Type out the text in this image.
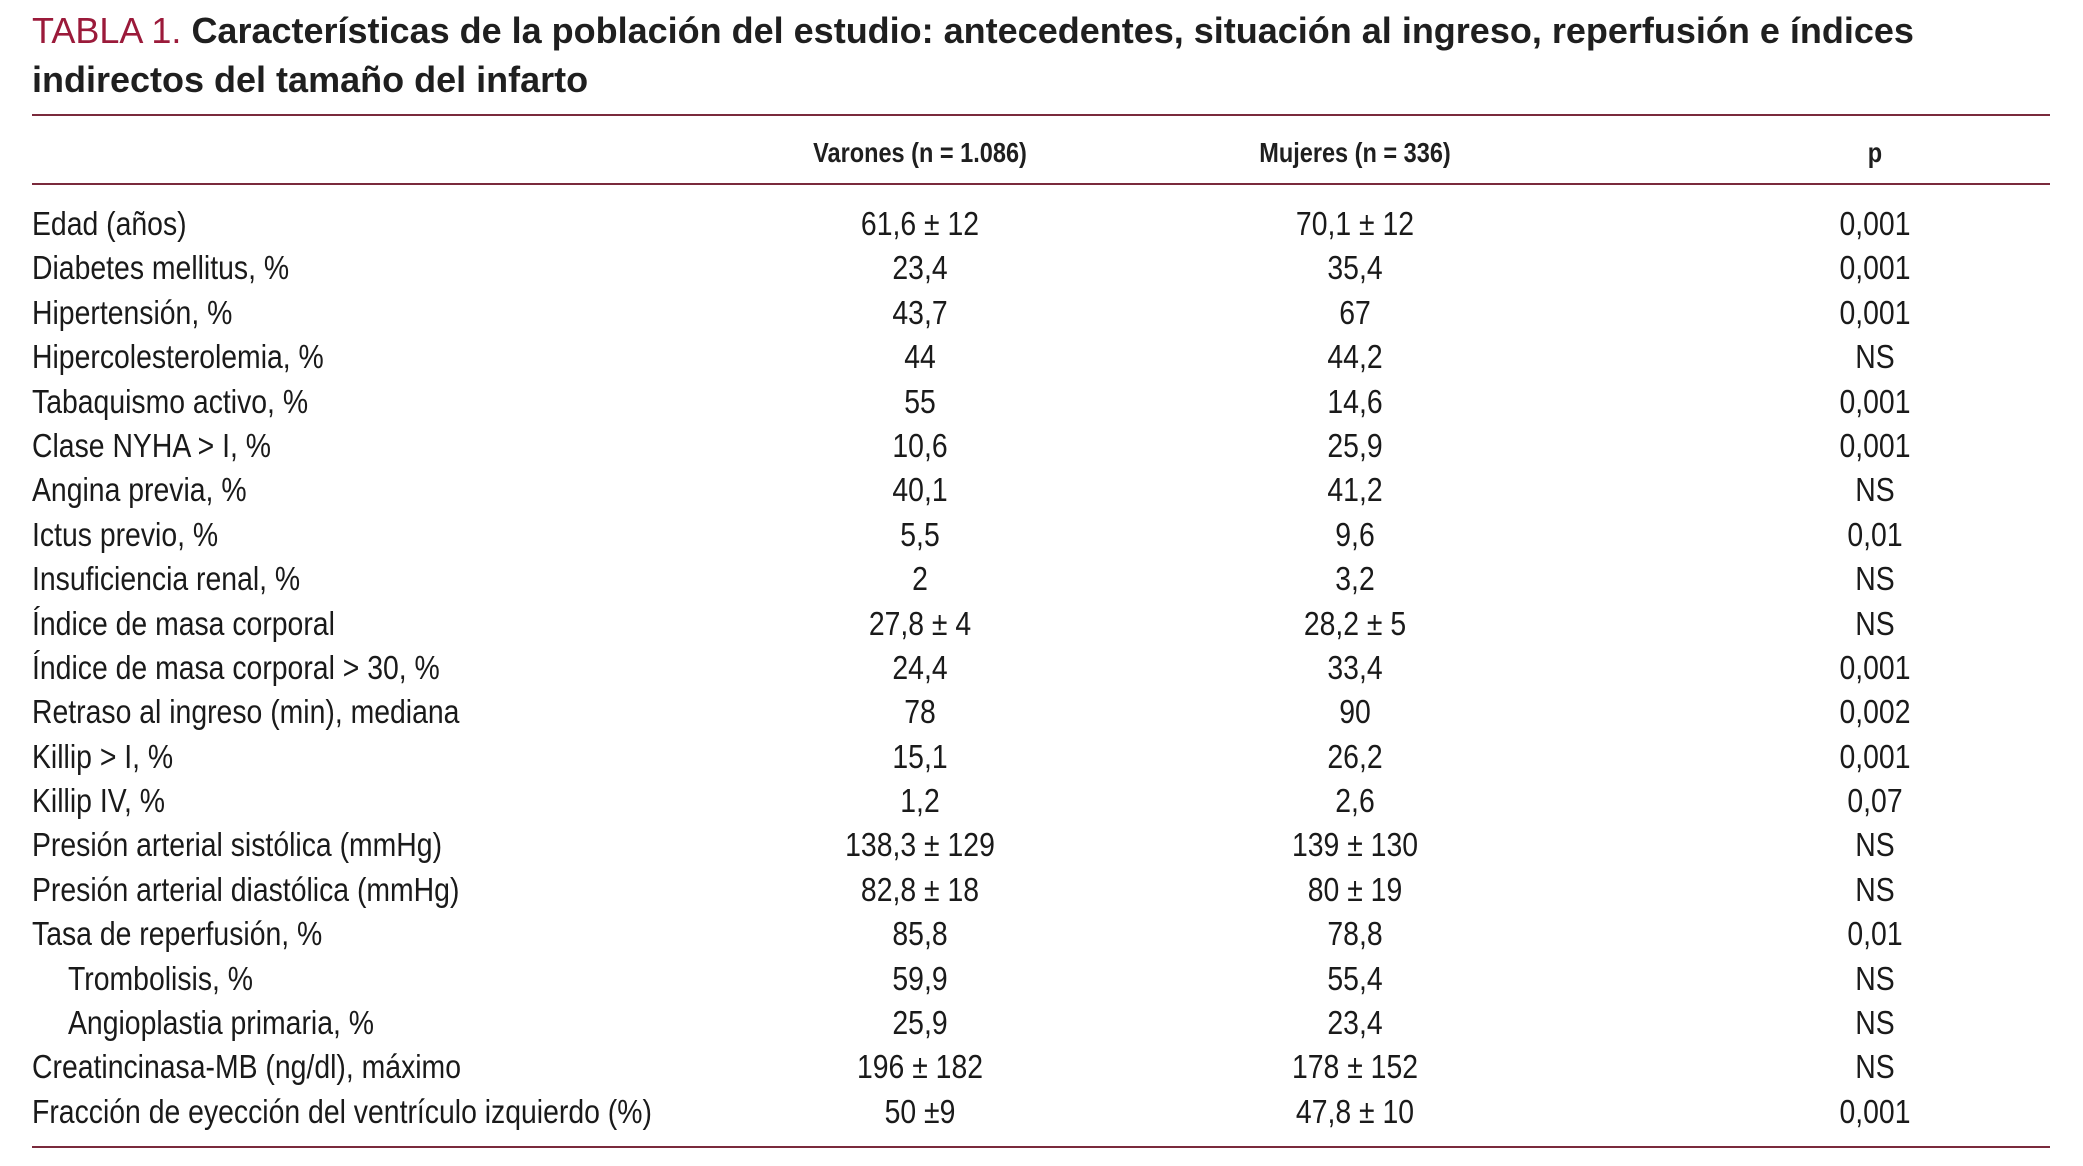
TABLA 1. Características de la población del estudio: antecedentes, situación al ingreso, reperfusión e índices indirectos del tamaño del infarto
Varones (n = 1.086)	Mujeres (n = 336)	p
Edad (años)	61,6 ± 12	70,1 ± 12	0,001
Diabetes mellitus, %	23,4	35,4	0,001
Hipertensión, %	43,7	67	0,001
Hipercolesterolemia, %	44	44,2	NS
Tabaquismo activo, %	55	14,6	0,001
Clase NYHA > I, %	10,6	25,9	0,001
Angina previa, %	40,1	41,2	NS
Ictus previo, %	5,5	9,6	0,01
Insuficiencia renal, %	2	3,2	NS
Índice de masa corporal	27,8 ± 4	28,2 ± 5	NS
Índice de masa corporal > 30, %	24,4	33,4	0,001
Retraso al ingreso (min), mediana	78	90	0,002
Killip > I, %	15,1	26,2	0,001
Killip IV, %	1,2	2,6	0,07
Presión arterial sistólica (mmHg)	138,3 ± 129	139 ± 130	NS
Presión arterial diastólica (mmHg)	82,8 ± 18	80 ± 19	NS
Tasa de reperfusión, %	85,8	78,8	0,01
Trombolisis, %	59,9	55,4	NS
Angioplastia primaria, %	25,9	23,4	NS
Creatincinasa-MB (ng/dl), máximo	196 ± 182	178 ± 152	NS
Fracción de eyección del ventrículo izquierdo (%)	50 ±9	47,8 ± 10	0,001
